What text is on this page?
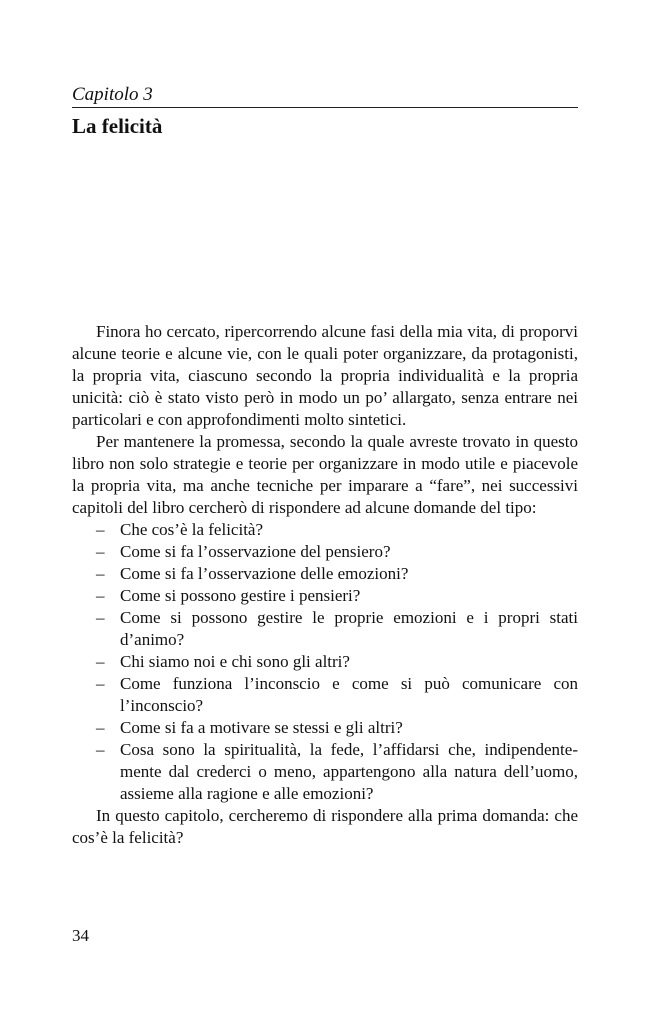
Capitolo 3
La felicità

Finora ho cercato, ripercorrendo alcune fasi della mia vita, di proporvi alcune teorie e alcune vie, con le quali poter organizzare, da protagonisti, la propria vita, ciascuno secondo la propria individualità e la propria unicità: ciò è stato visto però in modo un po’ allargato, senza entrare nei particolari e con approfondimenti molto sintetici.

Per mantenere la promessa, secondo la quale avreste trovato in questo libro non solo strategie e teorie per organizzare in modo utile e piacevole la propria vita, ma anche tecniche per imparare a “fare”, nei successivi capitoli del libro cercherò di rispondere ad alcune domande del tipo:

– Che cos’è la felicità?
– Come si fa l’osservazione del pensiero?
– Come si fa l’osservazione delle emozioni?
– Come si possono gestire i pensieri?
– Come si possono gestire le proprie emozioni e i propri stati d’animo?
– Chi siamo noi e chi sono gli altri?
– Come funziona l’inconscio e come si può comunicare con l’inconscio?
– Come si fa a motivare se stessi e gli altri?
– Cosa sono la spiritualità, la fede, l’affidarsi che, indipendentemente dal crederci o meno, appartengono alla natura dell’uomo, assieme alla ragione e alle emozioni?

In questo capitolo, cercheremo di rispondere alla prima domanda: che cos’è la felicità?

34
